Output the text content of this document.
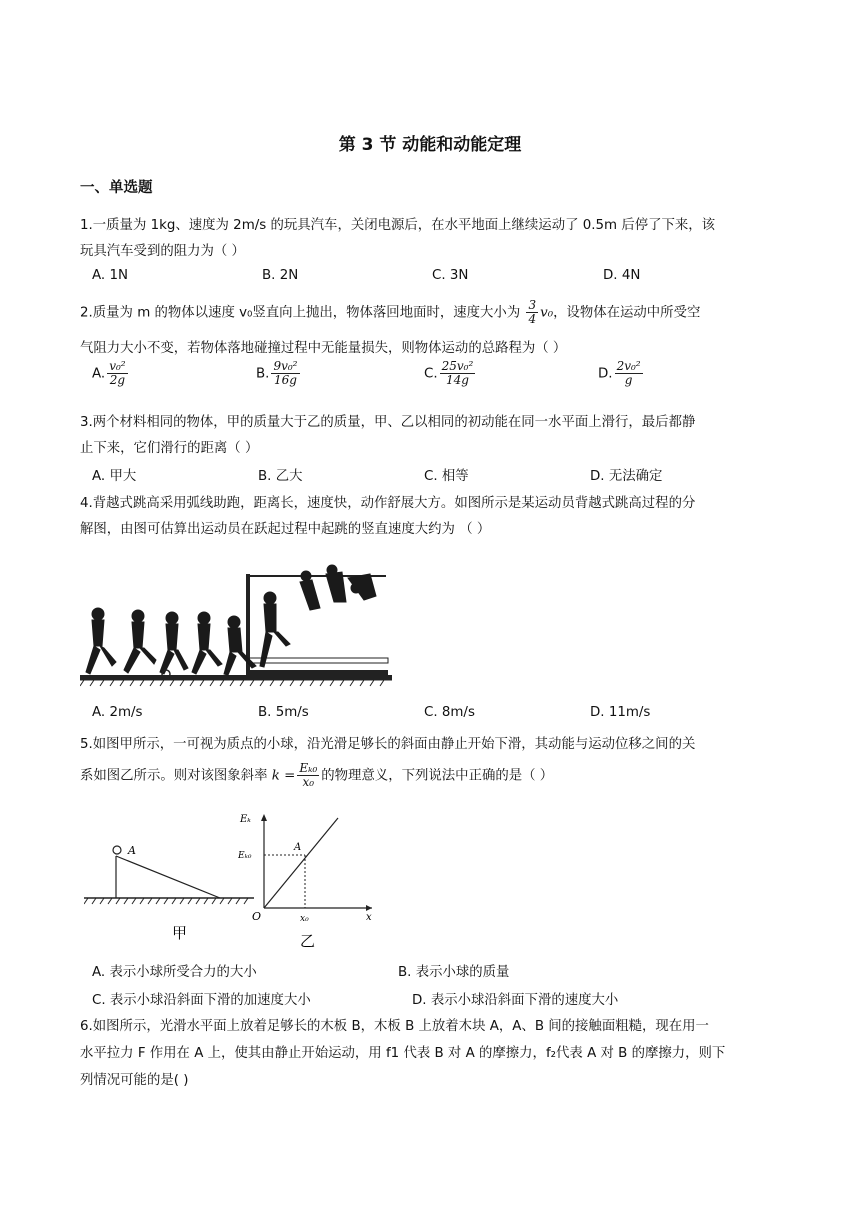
第 3 节 动能和动能定理
一、单选题
1.一质量为 1kg、速度为 2m/s 的玩具汽车，关闭电源后，在水平地面上继续运动了 0.5m 后停了下来，该
玩具汽车受到的阻力为（ ）
A. 1N	B. 2N	C. 3N	D. 4N
2.质量为 m 的物体以速度 v₀竖直向上抛出，物体落回地面时，速度大小为 $\frac{3}{4} v_0$，设物体在运动中所受空
气阻力大小不变，若物体落地碰撞过程中无能量损失，则物体运动的总路程为（ ）
A. $\frac{\text{v₀²}}{2g}$	B. $\frac{\text{9v₀²}}{16g}$	C. $\frac{\text{25v₀²}}{14g}$	D. $\frac{\text{2v₀²}}{g}$
3.两个材料相同的物体，甲的质量大于乙的质量，甲、乙以相同的初动能在同一水平面上滑行，最后都静
止下来，它们滑行的距离（ ）
A. 甲大	B. 乙大	C. 相等	D. 无法确定
4.背越式跳高采用弧线助跑，距离长，速度快，动作舒展大方。如图所示是某运动员背越式跳高过程的分
解图，由图可估算出运动员在跃起过程中起跳的竖直速度大约为 （ ）
A. 2m/s	B. 5m/s	C. 8m/s	D. 11m/s
5.如图甲所示，一可视为质点的小球，沿光滑足够长的斜面由静止开始下滑，其动能与运动位移之间的关
系如图乙所示。则对该图象斜率 $k = \frac{\text{Eₖ₀}}{\text{x₀}}$ 的物理意义，下列说法中正确的是（ ）
A
甲
Eₖ
x
O
Eₖ₀
x₀
A
乙
A. 表示小球所受合力的大小	B. 表示小球的质量
C. 表示小球沿斜面下滑的加速度大小	D. 表示小球沿斜面下滑的速度大小
6.如图所示，光滑水平面上放着足够长的木板 B，木板 B 上放着木块 A，A、B 间的接触面粗糙，现在用一
水平拉力 F 作用在 A 上，使其由静止开始运动，用 f1 代表 B 对 A 的摩擦力，f₂代表 A 对 B 的摩擦力，则下
列情况可能的是( )
